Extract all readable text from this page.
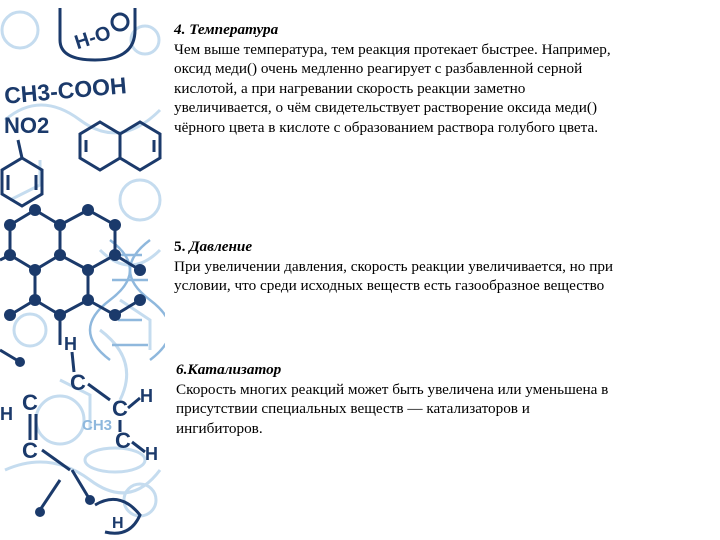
H-O
CH3-COOH
NO2
H
C
H
C
H
C
CH3
C
H
C
H
4. Температура
Чем выше температура, тем реакция протекает быстрее. Например,
оксид меди() очень медленно реагирует с разбавленной серной
кислотой, а при нагревании скорость реакции заметно
увеличивается, о чём свидетельствует растворение оксида меди()
чёрного цвета в кислоте с образованием раствора голубого цвета.
5. Давление
При увеличении давления, скорость реакции увеличивается, но при
условии, что среди исходных веществ есть газообразное вещество
6.Катализатор
Скорость многих реакций может быть увеличена или уменьшена в
присутствии специальных веществ — катализаторов и
ингибиторов.
